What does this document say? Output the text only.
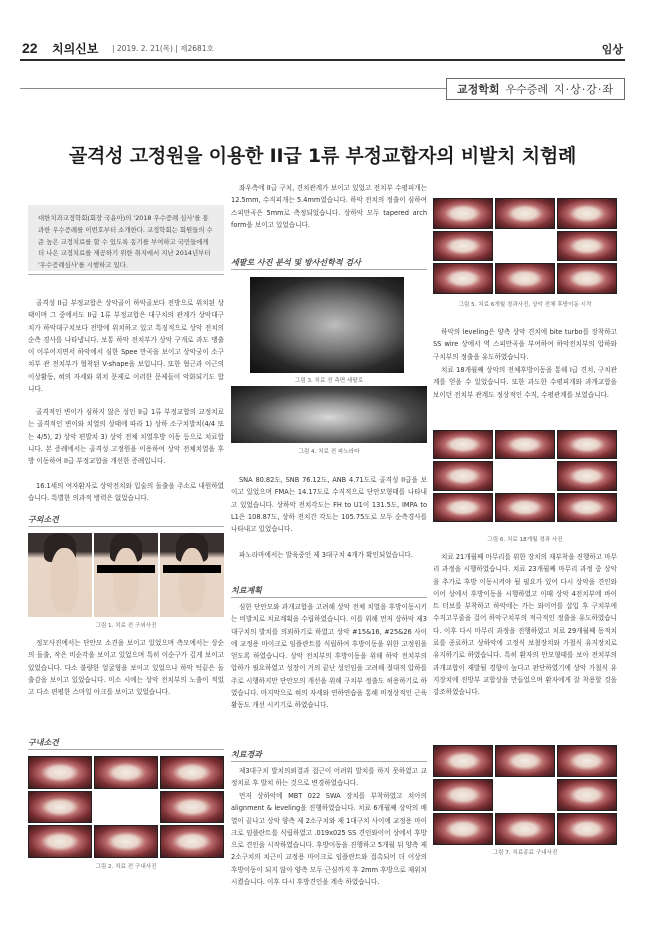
22 치의신보 | 2019. 2. 21(목) | 제2681호	임상
교정학회 우수증례 지·상·강·좌
골격성 고정원을 이용한 II급 1류 부정교합자의 비발치 치험례
대한치과교정학회(회장 국윤아)의 '2018 우수증례 심사'를 통과한 우수증례를 이번호부터 소개한다. 교정학회는 회원들의 수준 높은 교정치료를 할 수 있도록 동기를 부여하고 국민들에게 더 나은 교정치료를 제공하기 위한 취지에서 지난 2014년부터 '우수증례심사'를 시행하고 있다.
골격성 II급 부정교합은 상악골이 하악골보다 전방으로 위치된 상태이며 그 중에서도 II급 1류 부정교합은 대구치의 관계가 상악대구치가 하악대구치보다 전방에 위치하고 있고 특징적으로 상악 전치의 순측 경사를 나타냅니다. 보통 하악 전치부가 상악 구개로 과도 맹출이 이루어지면서 하악에서 심한 Spee 만곡을 보이고 상악궁이 소구치부 관 전치부가 협착된 V-shape을 보입니다. 또한 협근과 이근의 이상활동, 혀의 자세와 위치 문제로 이러한 문제들이 악화되기도 합니다.
골격적인 변이가 심하지 않은 성인 II급 1류 부정교합의 교정치료는 골격적인 변이와 치열의 상태에 따라 1) 상하 소구치발치(4/4 또는 4/5), 2) 상악 편발치 3) 상악 전체 치열후방 이동 등으로 치료합니다. 본 증례에서는 골격성 고정원을 이용하여 상악 전체치열을 후방 이동하여 II급 부정교합을 개선한 증례입니다.
16.1세의 여자환자로 상악전치와 입술의 돌출을 주소로 내원하였습니다. 특별한 의과적 병력은 없었습니다.
구외소견
그림 1. 치료 전 구외사진
정모사진에서는 단안모 소견을 보이고 있었으며 측모에서는 상순의 돌출, 작은 비순각을 보이고 있었으며 특히 이순구가 깊게 보이고 있었습니다. 다소 불량한 얼굴형을 보이고 있었으나 하악 턱끝은 돌출감을 보이고 있었습니다. 미소 시에는 상악 전치부의 노출이 적었고 다소 편평한 스마일 아크를 보이고 있었습니다.
구내소견
그림 2. 치료 전 구내사진
좌우측에 II급 구치, 견치관계가 보이고 있었고 전치부 수평피개는 12.5mm, 수직피개는 5.4mm였습니다. 하악 전치의 정출이 심하여 스피만곡은 5mm로 측정되었습니다. 상하악 모두 tapered arch form을 보이고 있었습니다.
세팔로 사진 분석 및 방사선학적 검사
그림 3. 치료 전 측면 세팔로
그림 4. 치료 전 파노라마
SNA 80.82도, SNB 76.12도, ANB 4.71도로 골격성 II급을 보이고 있었으며 FMA는 14.17도로 수직적으로 단안모형태를 나타내고 있었습니다. 상하악 전치각도는 FH to U1이 131.5도, IMPA to L1은 108.87도, 상하 전치간 각도는 105.75도로 모두 순측경사를 나타내고 있었습니다.
파노라마에서는 발육중인 제 3대구치 4개가 확인되었습니다.
치료계획
심한 단안모와 과개교합을 고려해 상악 전체 치열을 후방이동시키는 비발치로 치료계획을 수립하였습니다. 이를 위해 먼저 상하악 제3대구치의 발치를 의뢰하기로 하였고 상악 #15&16, #25&26 사이에 교정용 마이크로 임플란트를 식립하여 후방이동을 위한 고정원을 얻도록 하였습니다. 상악 전치부의 후방이동을 위해 하악 전치부의 압하가 필요하였고 성장이 거의 끝난 성인임을 고려해 절대적 압하를 주로 시행하지만 단안모의 개선을 위해 구치부 정출도 허용하기로 하였습니다. 마지막으로 혀의 자세와 연하연습을 통해 비정상적인 근육 활동도 개선 시키기로 하였습니다.
치료경과
제3대구치 발치의뢰결과 접근이 어려워 발치를 하지 못하였고 교정치료 후 발치 하는 것으로 변경하였습니다.
먼저 상하악에 MBT 022 SWA 장치를 부착하였고 치아의 alignment & leveling을 진행하였습니다. 치료 6개월째 상악의 배열이 끝나고 상악 양측 제 2소구치와 제 1대구치 사이에 교정용 마이크로 임플란트를 식립하였고 .019x025 SS 견인와이어 상에서 후방으로 견인을 시작하였습니다. 후방이동을 진행하고 5개월 뒤 양측 제 2소구치의 치근이 교정용 마이크로 임플란트와 접촉되어 더 이상의 후방이동이 되지 않아 양측 모두 근심까지 후 2mm 후방으로 재위치 시켰습니다. 이후 다시 후방견인을 계속 하였습니다.
그림 5. 치료 6개월 경과사진, 상악 전체 후방이동 시작
하악의 leveling은 양측 상악 견치에 bite turbo를 장착하고 SS wire 상에서 역 스피만곡을 부여하여 하악전치부의 압하와 구치부의 정출을 유도하였습니다.
치료 18개월째 상악의 전체후방이동을 통해 I급 견치, 구치관계를 얻을 수 있었습니다. 또한 과도한 수평피개와 과개교합을 보이던 전치부 관계도 정상적인 수직, 수평관계를 보였습니다.
그림 6. 치료 18개월 경과 사진
치료 21개월째 마무리를 위한 장치의 재부착을 진행하고 마무리 과정을 시행하였습니다. 치료 23개월째 마무리 과정 중 상악을 추가로 후방 이동시켜야 될 필요가 있어 다시 상악을 견인와이어 상에서 후방이동을 시행하였고 이때 상악 4전치부에 바이트 터보를 부착하고 하악에는 가는 와이어를 삽입 후 구치부에 수직고무줄을 걸어 하악구치부의 적극적인 정출을 유도하였습니다. 이후 다시 마무리 과정을 진행하였고 치료 29개월째 동적치료를 종료하고 상하악에 고정식 보철장치와 가철식 유지장치로 유지하기로 하였습니다. 특히 환자의 안모형태를 보아 전치부의 과개교합이 재발될 경향이 높다고 판단하였기에 상악 가철식 유지장치에 전방부 교합상을 만들었으며 환자에게 잘 착용할 것을 강조하였습니다.
그림 7. 치료종료 구내사진
